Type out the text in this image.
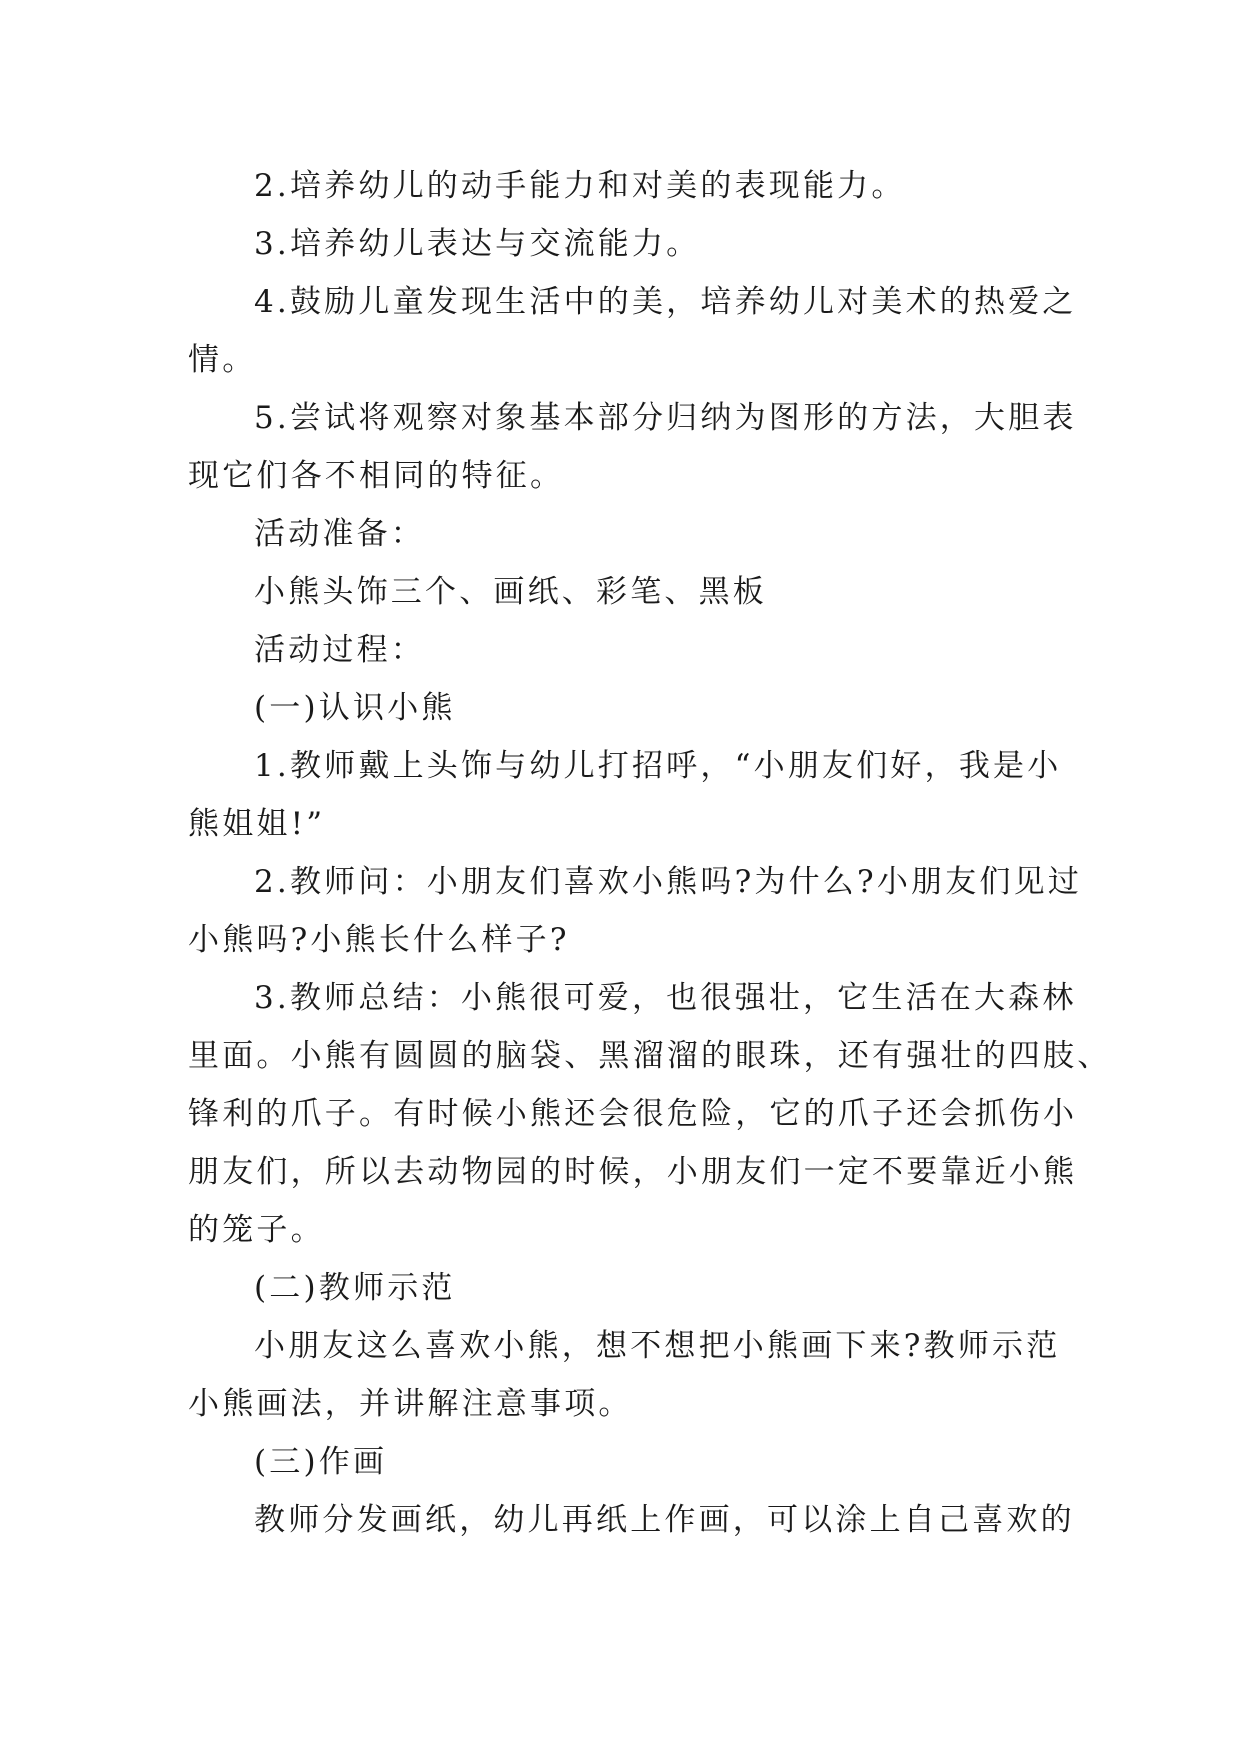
2.培养幼儿的动手能力和对美的表现能力。
3.培养幼儿表达与交流能力。
4.鼓励儿童发现生活中的美，培养幼儿对美术的热爱之
情。
5.尝试将观察对象基本部分归纳为图形的方法，大胆表
现它们各不相同的特征。
活动准备：
小熊头饰三个、画纸、彩笔、黑板
活动过程：
(一)认识小熊
1.教师戴上头饰与幼儿打招呼，“小朋友们好，我是小
熊姐姐!”
2.教师问：小朋友们喜欢小熊吗?为什么?小朋友们见过
小熊吗?小熊长什么样子?
3.教师总结：小熊很可爱，也很强壮，它生活在大森林
里面。小熊有圆圆的脑袋、黑溜溜的眼珠，还有强壮的四肢、
锋利的爪子。有时候小熊还会很危险，它的爪子还会抓伤小
朋友们，所以去动物园的时候，小朋友们一定不要靠近小熊
的笼子。
(二)教师示范
小朋友这么喜欢小熊，想不想把小熊画下来?教师示范
小熊画法，并讲解注意事项。
(三)作画
教师分发画纸，幼儿再纸上作画，可以涂上自己喜欢的
